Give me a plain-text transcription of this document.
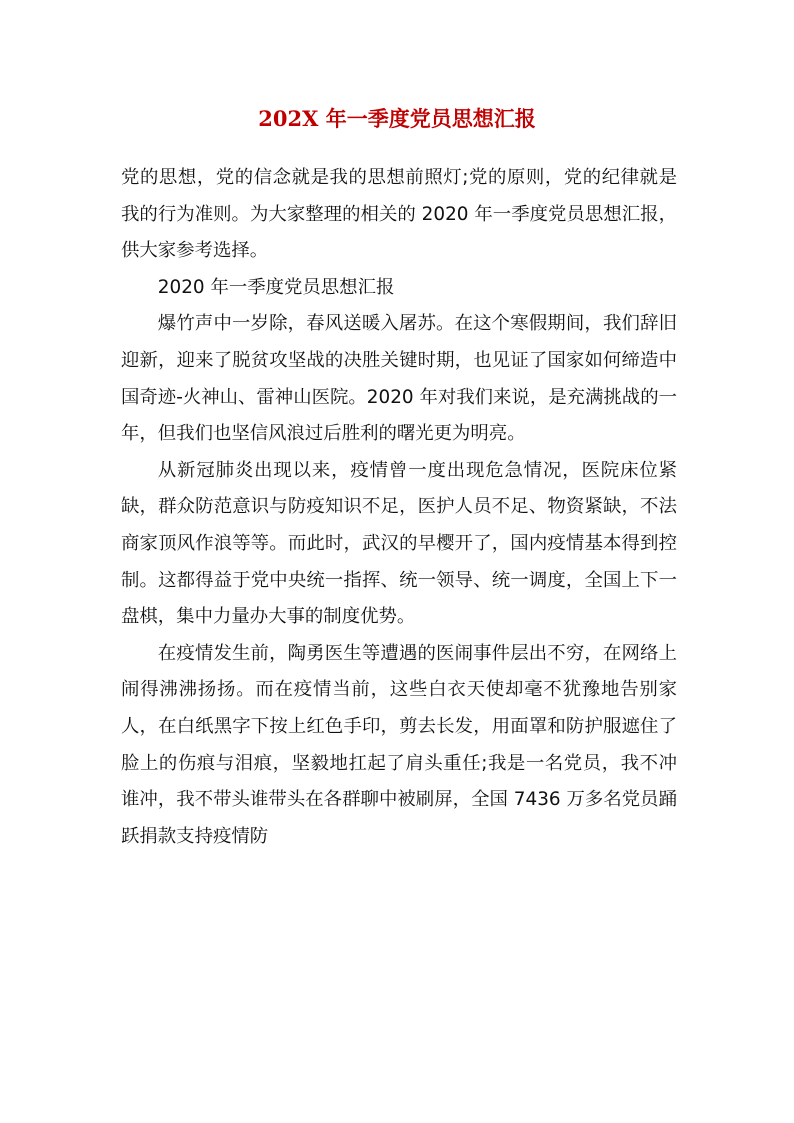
202X 年一季度党员思想汇报

党的思想，党的信念就是我的思想前照灯;党的原则，党的纪律就是我的行为准则。为大家整理的相关的 2020 年一季度党员思想汇报，供大家参考选择。

2020 年一季度党员思想汇报

爆竹声中一岁除，春风送暖入屠苏。在这个寒假期间，我们辞旧迎新，迎来了脱贫攻坚战的决胜关键时期，也见证了国家如何缔造中国奇迹-火神山、雷神山医院。2020 年对我们来说，是充满挑战的一年，但我们也坚信风浪过后胜利的曙光更为明亮。

从新冠肺炎出现以来，疫情曾一度出现危急情况，医院床位紧缺，群众防范意识与防疫知识不足，医护人员不足、物资紧缺，不法商家顶风作浪等等。而此时，武汉的早樱开了，国内疫情基本得到控制。这都得益于党中央统一指挥、统一领导、统一调度，全国上下一盘棋，集中力量办大事的制度优势。

在疫情发生前，陶勇医生等遭遇的医闹事件层出不穷，在网络上闹得沸沸扬扬。而在疫情当前，这些白衣天使却毫不犹豫地告别家人，在白纸黑字下按上红色手印，剪去长发，用面罩和防护服遮住了脸上的伤痕与泪痕，坚毅地扛起了肩头重任;我是一名党员，我不冲谁冲，我不带头谁带头在各群聊中被刷屏，全国 7436 万多名党员踊跃捐款支持疫情防
